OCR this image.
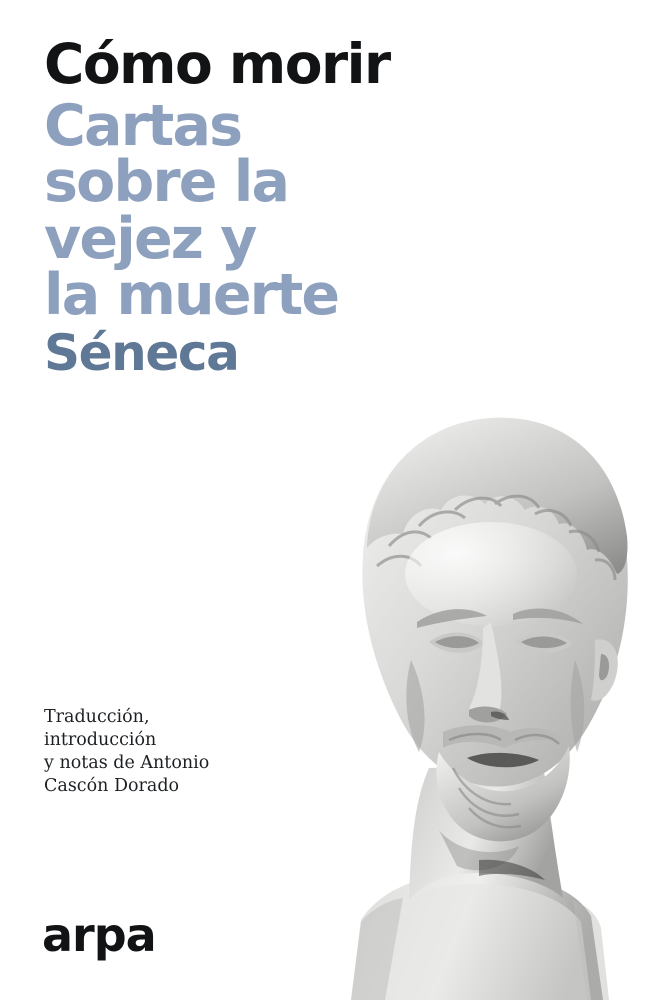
Cómo morir
Cartas
sobre la
vejez y
la muerte
Séneca
Traducción,
introducción
y notas de Antonio
Cascón Dorado
arpa
